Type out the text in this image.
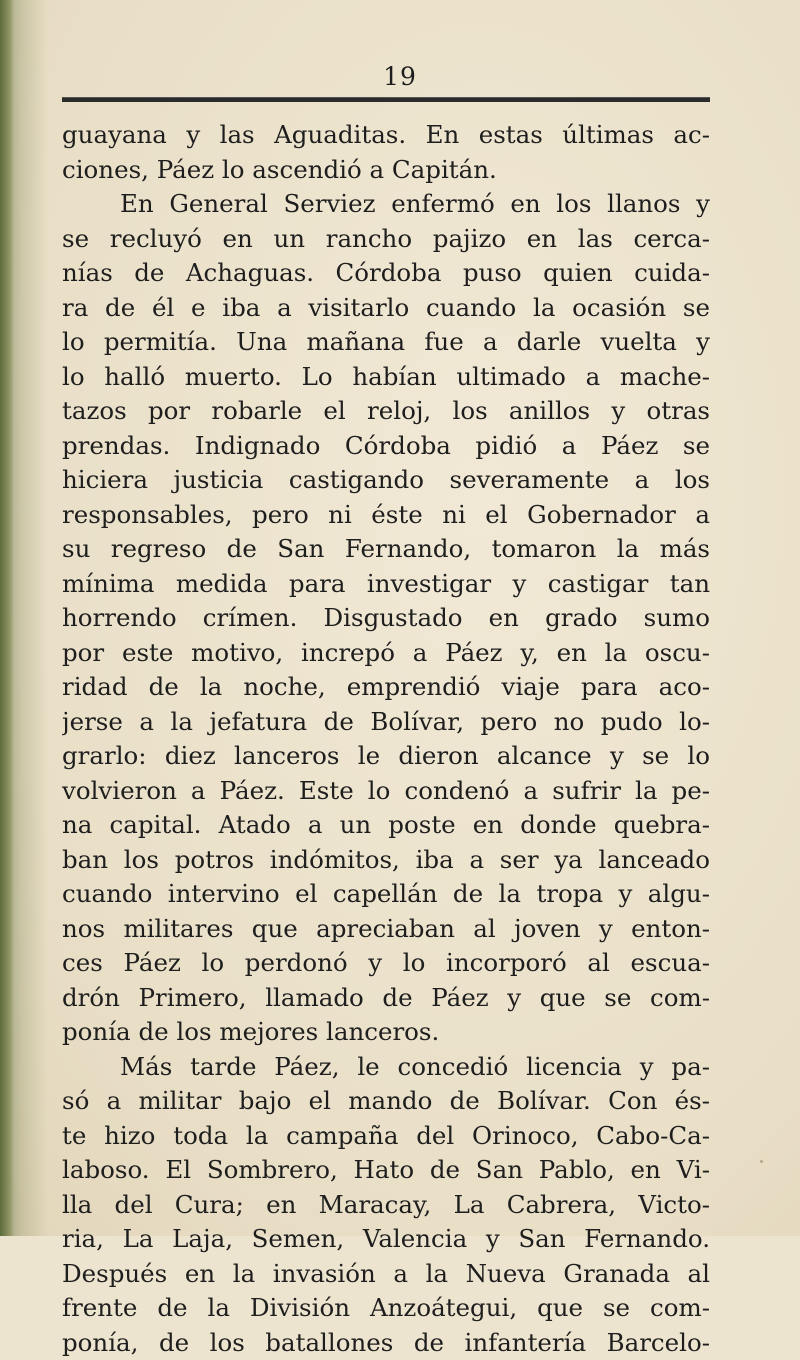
19
guayana y las Aguaditas. En estas últimas ac-
ciones, Páez lo ascendió a Capitán.
En General Serviez enfermó en los llanos y
se recluyó en un rancho pajizo en las cerca-
nías de Achaguas. Córdoba puso quien cuida-
ra de él e iba a visitarlo cuando la ocasión se
lo permitía. Una mañana fue a darle vuelta y
lo halló muerto. Lo habían ultimado a mache-
tazos por robarle el reloj, los anillos y otras
prendas. Indignado Córdoba pidió a Páez se
hiciera justicia castigando severamente a los
responsables, pero ni éste ni el Gobernador a
su regreso de San Fernando, tomaron la más
mínima medida para investigar y castigar tan
horrendo crímen. Disgustado en grado sumo
por este motivo, increpó a Páez y, en la oscu-
ridad de la noche, emprendió viaje para aco-
jerse a la jefatura de Bolívar, pero no pudo lo-
grarlo: diez lanceros le dieron alcance y se lo
volvieron a Páez. Este lo condenó a sufrir la pe-
na capital. Atado a un poste en donde quebra-
ban los potros indómitos, iba a ser ya lanceado
cuando intervino el capellán de la tropa y algu-
nos militares que apreciaban al joven y enton-
ces Páez lo perdonó y lo incorporó al escua-
drón Primero, llamado de Páez y que se com-
ponía de los mejores lanceros.
Más tarde Páez, le concedió licencia y pa-
só a militar bajo el mando de Bolívar. Con és-
te hizo toda la campaña del Orinoco, Cabo-Ca-
laboso. El Sombrero, Hato de San Pablo, en Vi-
lla del Cura; en Maracay, La Cabrera, Victo-
ria, La Laja, Semen, Valencia y San Fernando.
Después en la invasión a la Nueva Granada al
frente de la División Anzoátegui, que se com-
ponía, de los batallones de infantería Barcelo-
